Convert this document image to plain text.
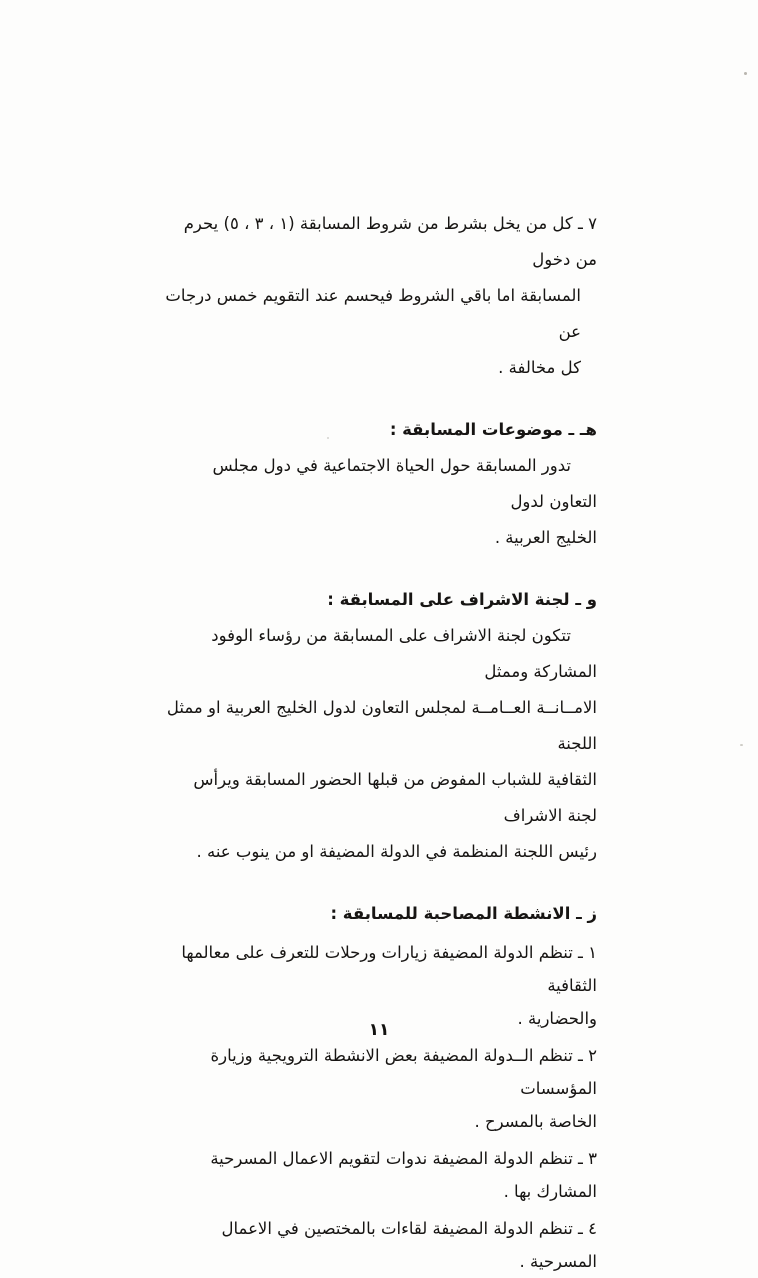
٧ ـ كل من يخل بشرط من شروط المسابقة (١ ، ٣ ، ٥) يحرم من دخول
المسابقة اما باقي الشروط فيحسم عند التقويم خمس درجات عن
كل مخالفة .
هـ ـ موضوعات المسابقة :
تدور المسابقة حول الحياة الاجتماعية في دول مجلس التعاون لدول
الخليج العربية .
و ـ لجنة الاشراف على المسابقة :
تتكون لجنة الاشراف على المسابقة من رؤساء الوفود المشاركة وممثل
الامــانــة العــامــة لمجلس التعاون لدول الخليج العربية او ممثل اللجنة
الثقافية للشباب المفوض من قبلها الحضور المسابقة ويرأس لجنة الاشراف
رئيس اللجنة المنظمة في الدولة المضيفة او من ينوب عنه .
ز ـ الانشطة المصاحبة للمسابقة :
١ ـ تنظم الدولة المضيفة زيارات ورحلات للتعرف على معالمها الثقافية
والحضارية .
٢ ـ تنظم الــدولة المضيفة بعض الانشطة الترويجية وزيارة المؤسسات
الخاصة بالمسرح .
٣ ـ تنظم الدولة المضيفة ندوات لتقويم الاعمال المسرحية المشارك بها .
٤ ـ تنظم الدولة المضيفة لقاءات بالمختصين في الاعمال المسرحية .
١١
